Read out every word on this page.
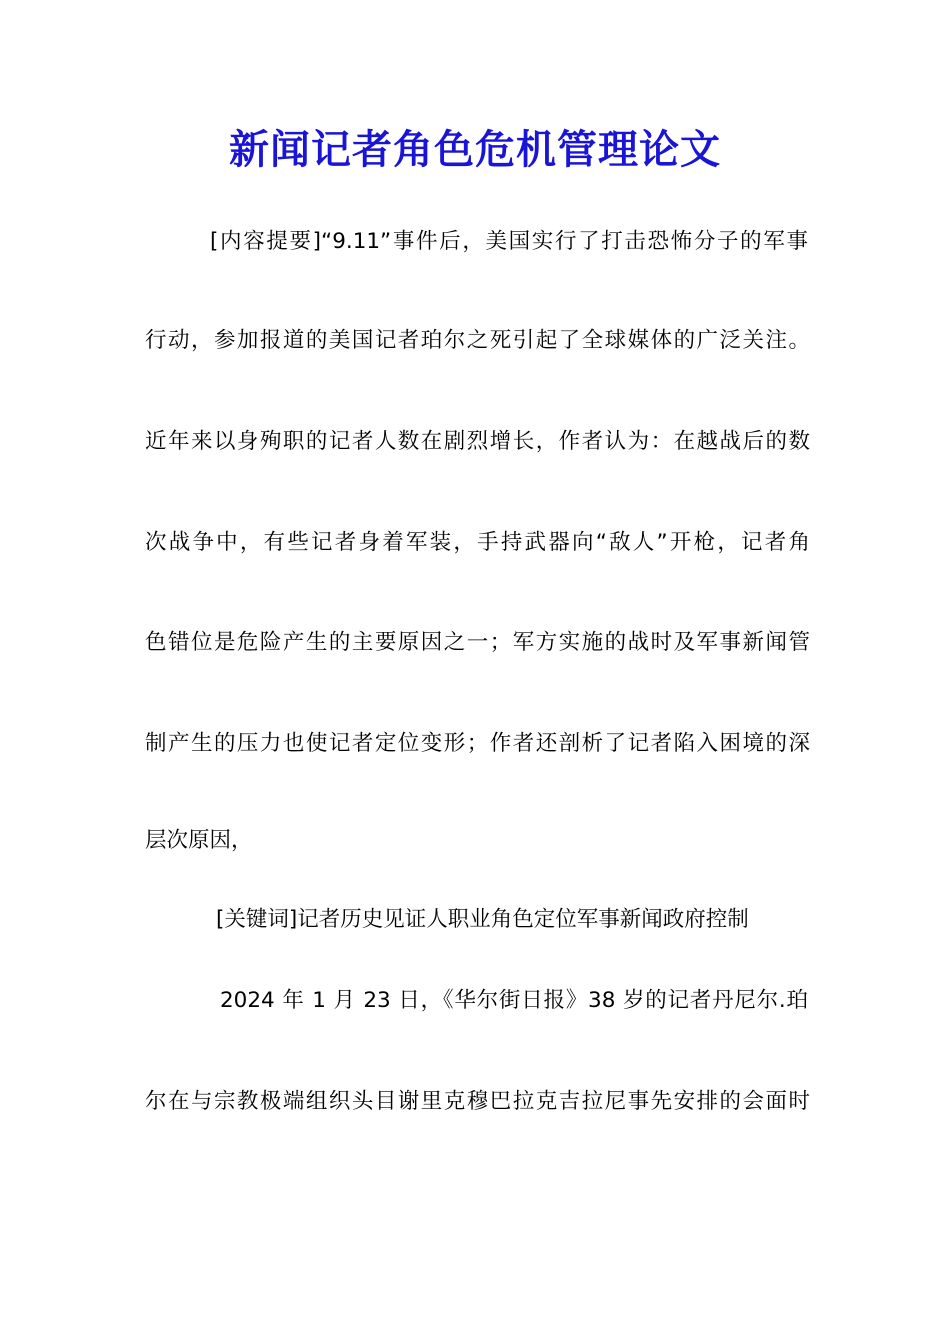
新闻记者角色危机管理论文
[内容提要]“9.11”事件后，美国实行了打击恐怖分子的军事
行动，参加报道的美国记者珀尔之死引起了全球媒体的广泛关注。
近年来以身殉职的记者人数在剧烈增长，作者认为：在越战后的数
次战争中，有些记者身着军装，手持武器向“敌人”开枪，记者角
色错位是危险产生的主要原因之一；军方实施的战时及军事新闻管
制产生的压力也使记者定位变形；作者还剖析了记者陷入困境的深
层次原因，
[关键词]记者历史见证人职业角色定位军事新闻政府控制
2024 年 1 月 23 日，《华尔街日报》38 岁的记者丹尼尔.珀
尔在与宗教极端组织头目谢里克穆巴拉克吉拉尼事先安排的会面时
